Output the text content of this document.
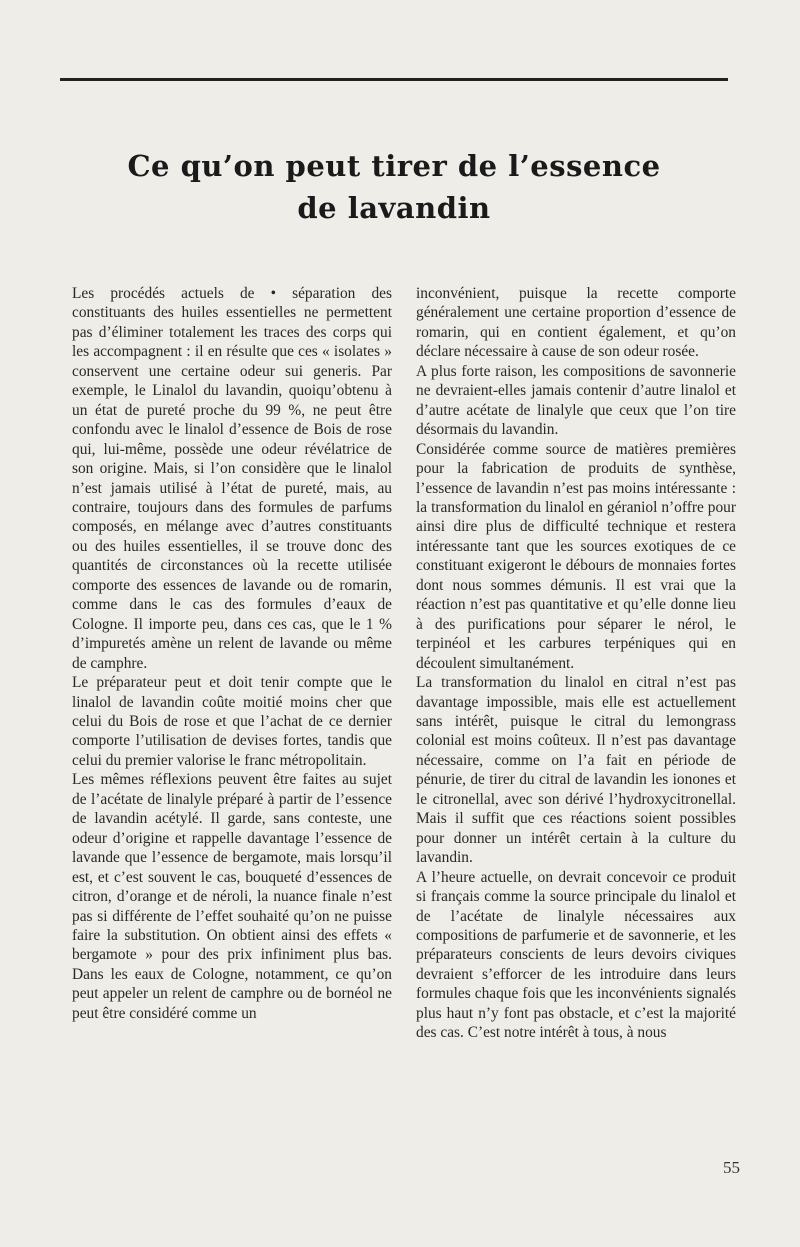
Ce qu’on peut tirer de l’essence
de lavandin

Les procédés actuels de • séparation des constituants des huiles essentielles ne permettent pas d’éliminer totalement les traces des corps qui les accompagnent : il en résulte que ces « isolates » conservent une certaine odeur sui generis. Par exemple, le Linalol du lavandin, quoiqu’obtenu à un état de pureté proche du 99 %, ne peut être confondu avec le linalol d’essence de Bois de rose qui, lui-même, possède une odeur révélatrice de son origine. Mais, si l’on considère que le linalol n’est jamais utilisé à l’état de pureté, mais, au contraire, toujours dans des formules de parfums composés, en mélange avec d’autres constituants ou des huiles essentielles, il se trouve donc des quantités de circonstances où la recette utilisée comporte des essences de lavande ou de romarin, comme dans le cas des formules d’eaux de Cologne. Il importe peu, dans ces cas, que le 1 % d’impuretés amène un relent de lavande ou même de camphre.

Le préparateur peut et doit tenir compte que le linalol de lavandin coûte moitié moins cher que celui du Bois de rose et que l’achat de ce dernier comporte l’utilisation de devises fortes, tandis que celui du premier valorise le franc métropolitain.

Les mêmes réflexions peuvent être faites au sujet de l’acétate de linalyle préparé à partir de l’essence de lavandin acétylé. Il garde, sans conteste, une odeur d’origine et rappelle davantage l’essence de lavande que l’essence de bergamote, mais lorsqu’il est, et c’est souvent le cas, bouqueté d’essences de citron, d’orange et de néroli, la nuance finale n’est pas si différente de l’effet souhaité qu’on ne puisse faire la substitution. On obtient ainsi des effets « bergamote » pour des prix infiniment plus bas. Dans les eaux de Cologne, notamment, ce qu’on peut appeler un relent de camphre ou de bornéol ne peut être considéré comme un

inconvénient, puisque la recette comporte généralement une certaine proportion d’essence de romarin, qui en contient également, et qu’on déclare nécessaire à cause de son odeur rosée.

A plus forte raison, les compositions de savonnerie ne devraient-elles jamais contenir d’autre linalol et d’autre acétate de linalyle que ceux que l’on tire désormais du lavandin.

Considérée comme source de matières premières pour la fabrication de produits de synthèse, l’essence de lavandin n’est pas moins intéressante : la transformation du linalol en géraniol n’offre pour ainsi dire plus de difficulté technique et restera intéressante tant que les sources exotiques de ce constituant exigeront le débours de monnaies fortes dont nous sommes démunis. Il est vrai que la réaction n’est pas quantitative et qu’elle donne lieu à des purifications pour séparer le nérol, le terpinéol et les carbures terpéniques qui en découlent simultanément.

La transformation du linalol en citral n’est pas davantage impossible, mais elle est actuellement sans intérêt, puisque le citral du lemongrass colonial est moins coûteux. Il n’est pas davantage nécessaire, comme on l’a fait en période de pénurie, de tirer du citral de lavandin les ionones et le citronellal, avec son dérivé l’hydroxycitronellal. Mais il suffit que ces réactions soient possibles pour donner un intérêt certain à la culture du lavandin.

A l’heure actuelle, on devrait concevoir ce produit si français comme la source principale du linalol et de l’acétate de linalyle nécessaires aux compositions de parfumerie et de savonnerie, et les préparateurs conscients de leurs devoirs civiques devraient s’efforcer de les introduire dans leurs formules chaque fois que les inconvénients signalés plus haut n’y font pas obstacle, et c’est la majorité des cas. C’est notre intérêt à tous, à nous

55
